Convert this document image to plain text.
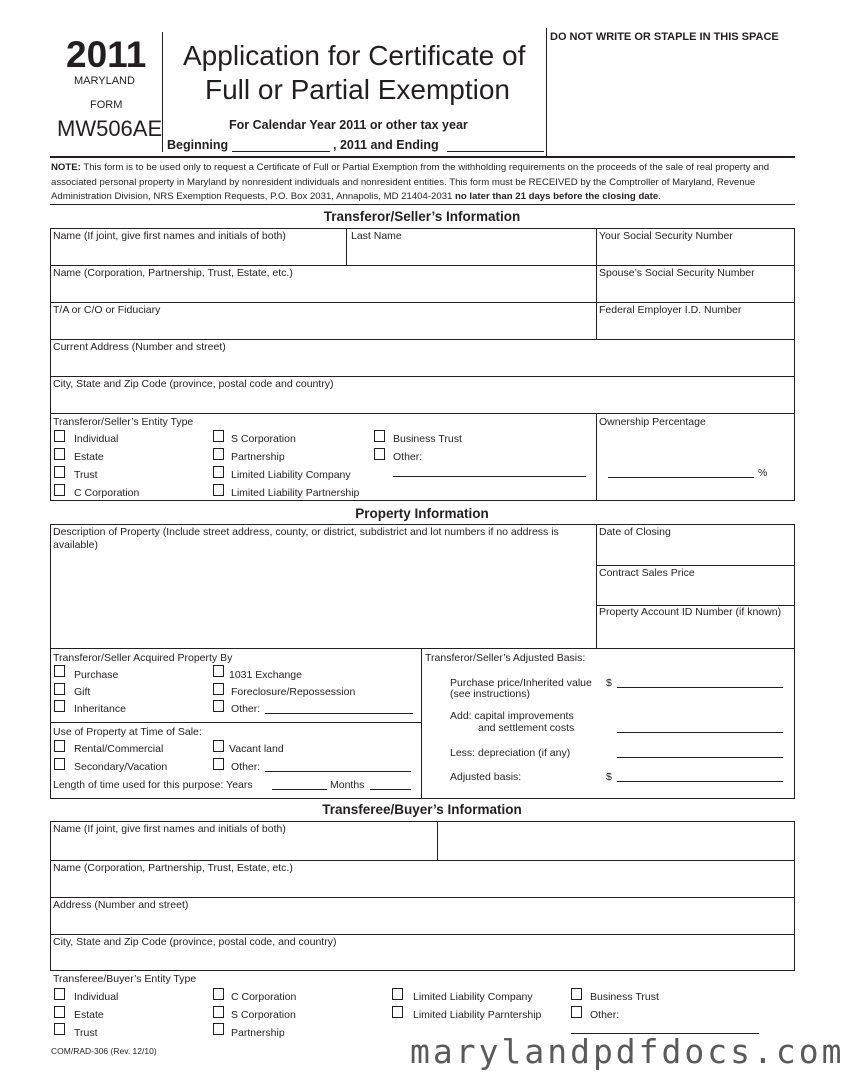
2011
MARYLAND
FORM
MW506AE
Application for Certificate of
Full or Partial Exemption
For Calendar Year 2011 or other tax year
Beginning	, 2011 and Ending
DO NOT WRITE OR STAPLE IN THIS SPACE
NOTE: This form is to be used only to request a Certificate of Full or Partial Exemption from the withholding requirements on the proceeds of the sale of real property and associated personal property in Maryland by nonresident individuals and nonresident entities. This form must be RECEIVED by the Comptroller of Maryland, Revenue Administration Division, NRS Exemption Requests, P.O. Box 2031, Annapolis, MD 21404-2031 no later than 21 days before the closing date.
Transferor/Seller’s Information
Name (If joint, give first names and initials of both)	Last Name	Your Social Security Number
Name (Corporation, Partnership, Trust, Estate, etc.)	Spouse’s Social Security Number
T/A or C/O or Fiduciary	Federal Employer I.D. Number
Current Address (Number and street)
City, State and Zip Code (province, postal code and country)
Transferor/Seller’s Entity Type	Ownership Percentage
Individual
Estate
Trust
C Corporation
S Corporation
Partnership
Limited Liability Company
Limited Liability Partnership
Business Trust
Other:
%
Property Information
Description of Property (Include street address, county, or district, subdistrict and lot numbers if no address is available)
Date of Closing
Contract Sales Price
Property Account ID Number (if known)
Transferor/Seller Acquired Property By
Purchase
Gift
Inheritance
1031 Exchange
Foreclosure/Repossession
Other:
Use of Property at Time of Sale:
Rental/Commercial
Secondary/Vacation
Vacant land
Other:
Length of time used for this purpose: Years	Months
Transferor/Seller’s Adjusted Basis:
Purchase price/Inherited value $
(see instructions)
Add: capital improvements
and settlement costs
Less: depreciation (if any)
Adjusted basis:	$
Transferee/Buyer’s Information
Name (If joint, give first names and initials of both)
Name (Corporation, Partnership, Trust, Estate, etc.)
Address (Number and street)
City, State and Zip Code (province, postal code, and country)
Transferee/Buyer’s Entity Type
Individual
Estate
Trust
C Corporation
S Corporation
Partnership
Limited Liability Company
Limited Liability Parntership
Business Trust
Other:
COM/RAD-306 (Rev. 12/10)	marylandpdfdocs.com
